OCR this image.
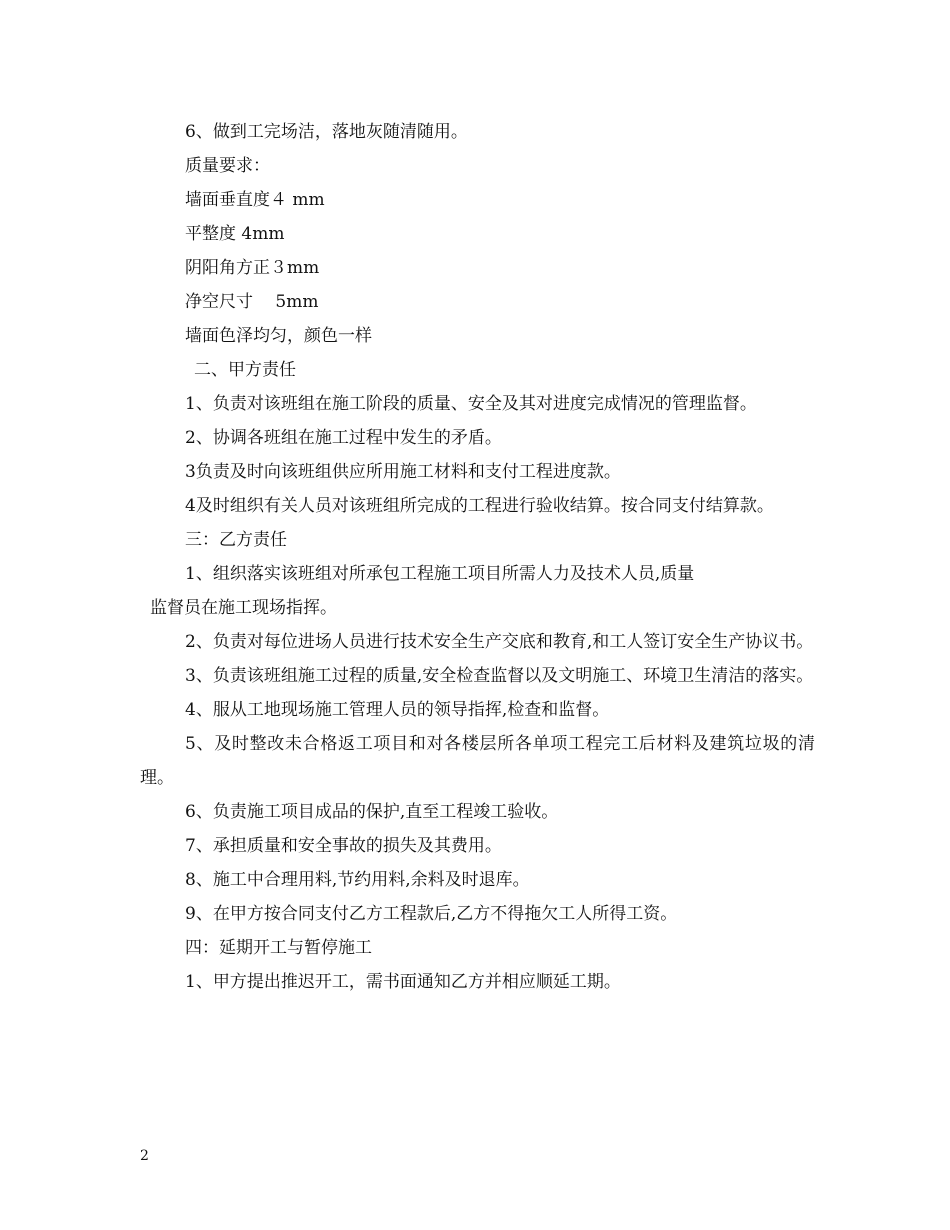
6、做到工完场洁，落地灰随清随用。
质量要求：
墙面垂直度４ mm
平整度 4mm
阴阳角方正３mm
净空尺寸　 5mm
墙面色泽均匀，颜色一样
二、甲方责任
1、负责对该班组在施工阶段的质量、安全及其对进度完成情况的管理监督。
2、协调各班组在施工过程中发生的矛盾。
3负责及时向该班组供应所用施工材料和支付工程进度款。
4及时组织有关人员对该班组所完成的工程进行验收结算。按合同支付结算款。
三：乙方责任
1、组织落实该班组对所承包工程施工项目所需人力及技术人员,质量
监督员在施工现场指挥。
2、负责对每位进场人员进行技术安全生产交底和教育,和工人签订安全生产协议书。
3、负责该班组施工过程的质量,安全检查监督以及文明施工、环境卫生清洁的落实。
4、服从工地现场施工管理人员的领导指挥,检查和监督。
5、及时整改未合格返工项目和对各楼层所各单项工程完工后材料及建筑垃圾的清理。
6、负责施工项目成品的保护,直至工程竣工验收。
7、承担质量和安全事故的损失及其费用。
8、施工中合理用料,节约用料,余料及时退库。
9、在甲方按合同支付乙方工程款后,乙方不得拖欠工人所得工资。
四：延期开工与暂停施工
1、甲方提出推迟开工，需书面通知乙方并相应顺延工期。
2
